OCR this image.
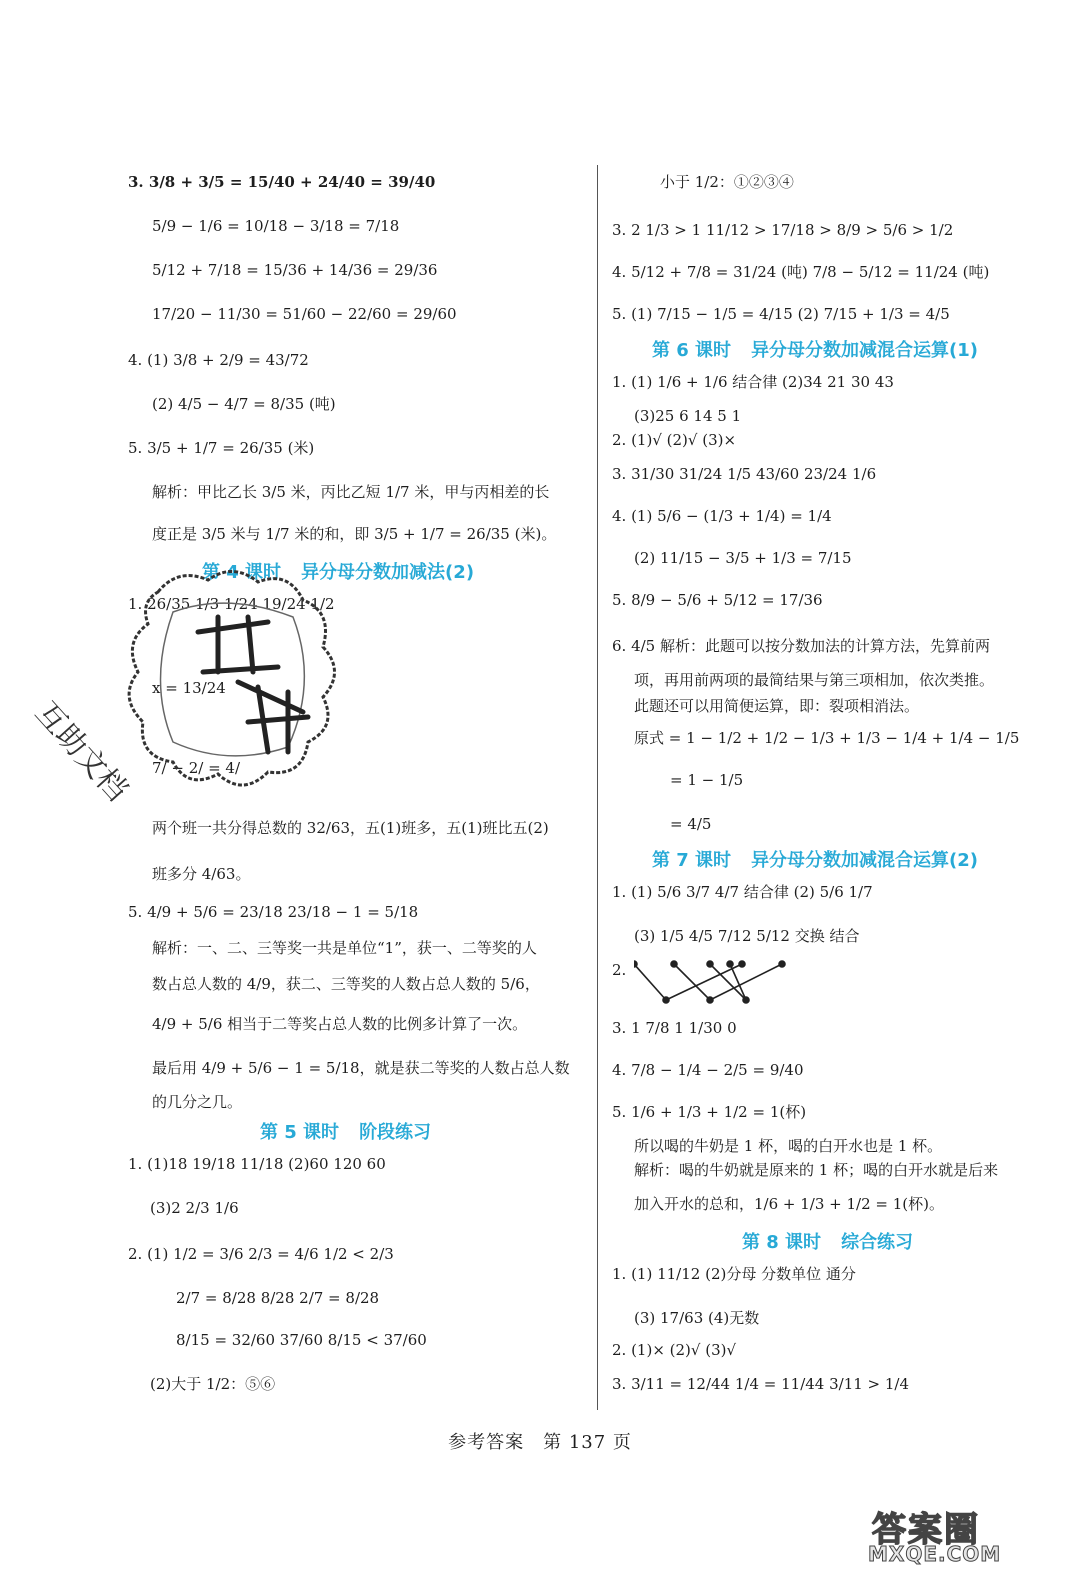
3. 3/8 + 3/5 = 15/40 + 24/40 = 39/40
5/9 − 1/6 = 10/18 − 3/18 = 7/18
5/12 + 7/18 = 15/36 + 14/36 = 29/36
17/20 − 11/30 = 51/60 − 22/60 = 29/60
4. (1) 3/8 + 2/9 = 43/72
(2) 4/5 − 4/7 = 8/35 (吨)
5. 3/5 + 1/7 = 26/35 (米)
解析：甲比乙长 3/5 米，丙比乙短 1/7 米，甲与丙相差的长
度正是 3/5 米与 1/7 米的和，即 3/5 + 1/7 = 26/35 (米)。
第 4 课时 异分母分数加减法(2)
1. 26/35 1/3 1/24 19/24 1/2
x = 13/24
7/ − 2/ = 4/
两个班一共分得总数的 32/63，五(1)班多，五(1)班比五(2)
班多分 4/63。
5. 4/9 + 5/6 = 23/18 23/18 − 1 = 5/18
解析：一、二、三等奖一共是单位“1”，获一、二等奖的人
数占总人数的 4/9，获二、三等奖的人数占总人数的 5/6，
4/9 + 5/6 相当于二等奖占总人数的比例多计算了一次。
最后用 4/9 + 5/6 − 1 = 5/18，就是获二等奖的人数占总人数
的几分之几。
第 5 课时 阶段练习
1. (1)18 19/18 11/18 (2)60 120 60
(3)2 2/3 1/6
2. (1) 1/2 = 3/6 2/3 = 4/6 1/2 < 2/3
2/7 = 8/28 8/28 2/7 = 8/28
8/15 = 32/60 37/60 8/15 < 37/60
(2)大于 1/2：⑤⑥
小于 1/2：①②③④
3. 2 1/3 > 1 11/12 > 17/18 > 8/9 > 5/6 > 1/2
4. 5/12 + 7/8 = 31/24 (吨) 7/8 − 5/12 = 11/24 (吨)
5. (1) 7/15 − 1/5 = 4/15 (2) 7/15 + 1/3 = 4/5
第 6 课时 异分母分数加减混合运算(1)
1. (1) 1/6 + 1/6 结合律 (2)34 21 30 43
(3)25 6 14 5 1
2. (1)√ (2)√ (3)×
3. 31/30 31/24 1/5 43/60 23/24 1/6
4. (1) 5/6 − (1/3 + 1/4) = 1/4
(2) 11/15 − 3/5 + 1/3 = 7/15
5. 8/9 − 5/6 + 5/12 = 17/36
6. 4/5 解析：此题可以按分数加法的计算方法，先算前两
项，再用前两项的最简结果与第三项相加，依次类推。
此题还可以用简便运算，即：裂项相消法。
原式 = 1 − 1/2 + 1/2 − 1/3 + 1/3 − 1/4 + 1/4 − 1/5
= 1 − 1/5
= 4/5
第 7 课时 异分母分数加减混合运算(2)
1. (1) 5/6 3/7 4/7 结合律 (2) 5/6 1/7
(3) 1/5 4/5 7/12 5/12 交换 结合
2.
3. 1 7/8 1 1/30 0
4. 7/8 − 1/4 − 2/5 = 9/40
5. 1/6 + 1/3 + 1/2 = 1(杯)
所以喝的牛奶是 1 杯，喝的白开水也是 1 杯。
解析：喝的牛奶就是原来的 1 杯；喝的白开水就是后来
加入开水的总和，1/6 + 1/3 + 1/2 = 1(杯)。
第 8 课时 综合练习
1. (1) 11/12 (2)分母 分数单位 通分
(3) 17/63 (4)无数
2. (1)× (2)√ (3)√
3. 3/11 = 12/44 1/4 = 11/44 3/11 > 1/4
互助文档
参考答案　第 137 页
答案圈
MXQE.COM
